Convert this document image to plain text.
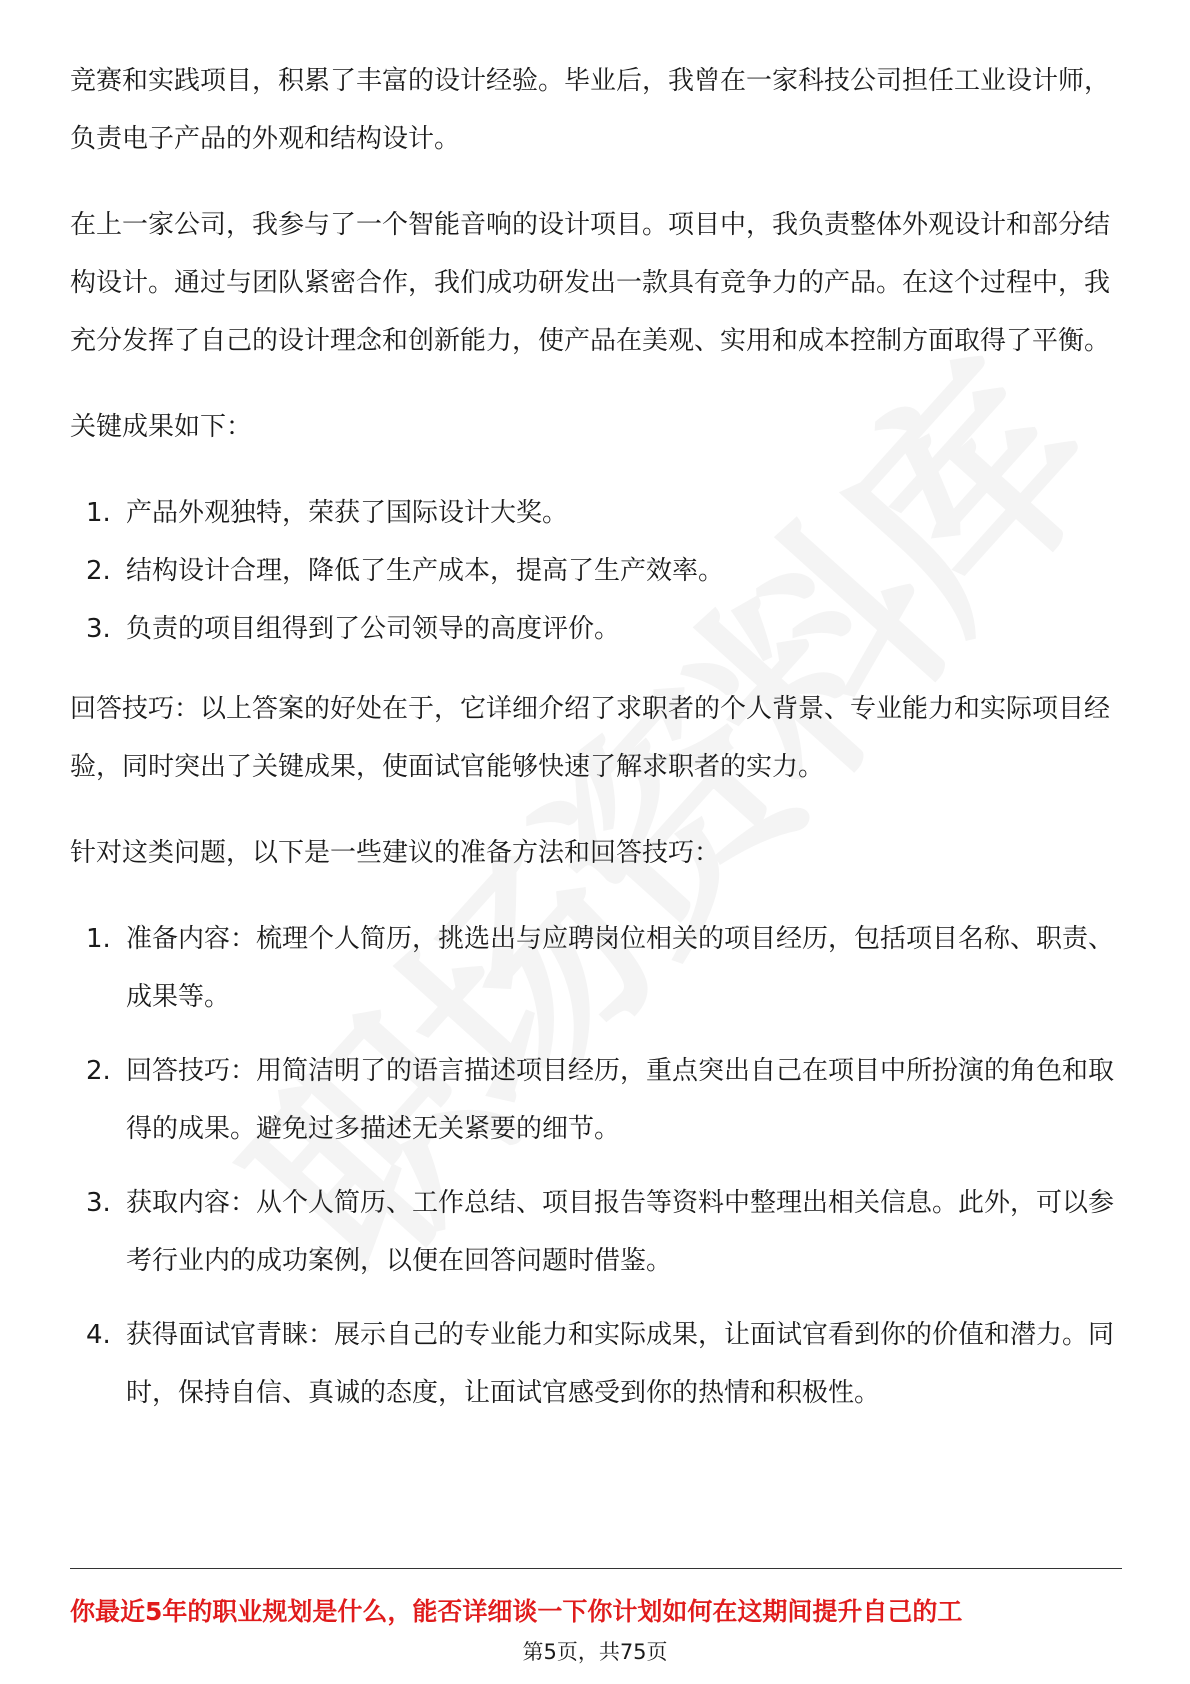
竞赛和实践项目，积累了丰富的设计经验。毕业后，我曾在一家科技公司担任工业设计师，负责电子产品的外观和结构设计。

在上一家公司，我参与了一个智能音响的设计项目。项目中，我负责整体外观设计和部分结构设计。通过与团队紧密合作，我们成功研发出一款具有竞争力的产品。在这个过程中，我充分发挥了自己的设计理念和创新能力，使产品在美观、实用和成本控制方面取得了平衡。

关键成果如下：

1. 产品外观独特，荣获了国际设计大奖。
2. 结构设计合理，降低了生产成本，提高了生产效率。
3. 负责的项目组得到了公司领导的高度评价。

回答技巧：以上答案的好处在于，它详细介绍了求职者的个人背景、专业能力和实际项目经验，同时突出了关键成果，使面试官能够快速了解求职者的实力。

针对这类问题，以下是一些建议的准备方法和回答技巧：

1. 准备内容：梳理个人简历，挑选出与应聘岗位相关的项目经历，包括项目名称、职责、成果等。
2. 回答技巧：用简洁明了的语言描述项目经历，重点突出自己在项目中所扮演的角色和取得的成果。避免过多描述无关紧要的细节。
3. 获取内容：从个人简历、工作总结、项目报告等资料中整理出相关信息。此外，可以参考行业内的成功案例，以便在回答问题时借鉴。
4. 获得面试官青睐：展示自己的专业能力和实际成果，让面试官看到你的价值和潜力。同时，保持自信、真诚的态度，让面试官感受到你的热情和积极性。
你最近5年的职业规划是什么，能否详细谈一下你计划如何在这期间提升自己的工
第5页，共75页
